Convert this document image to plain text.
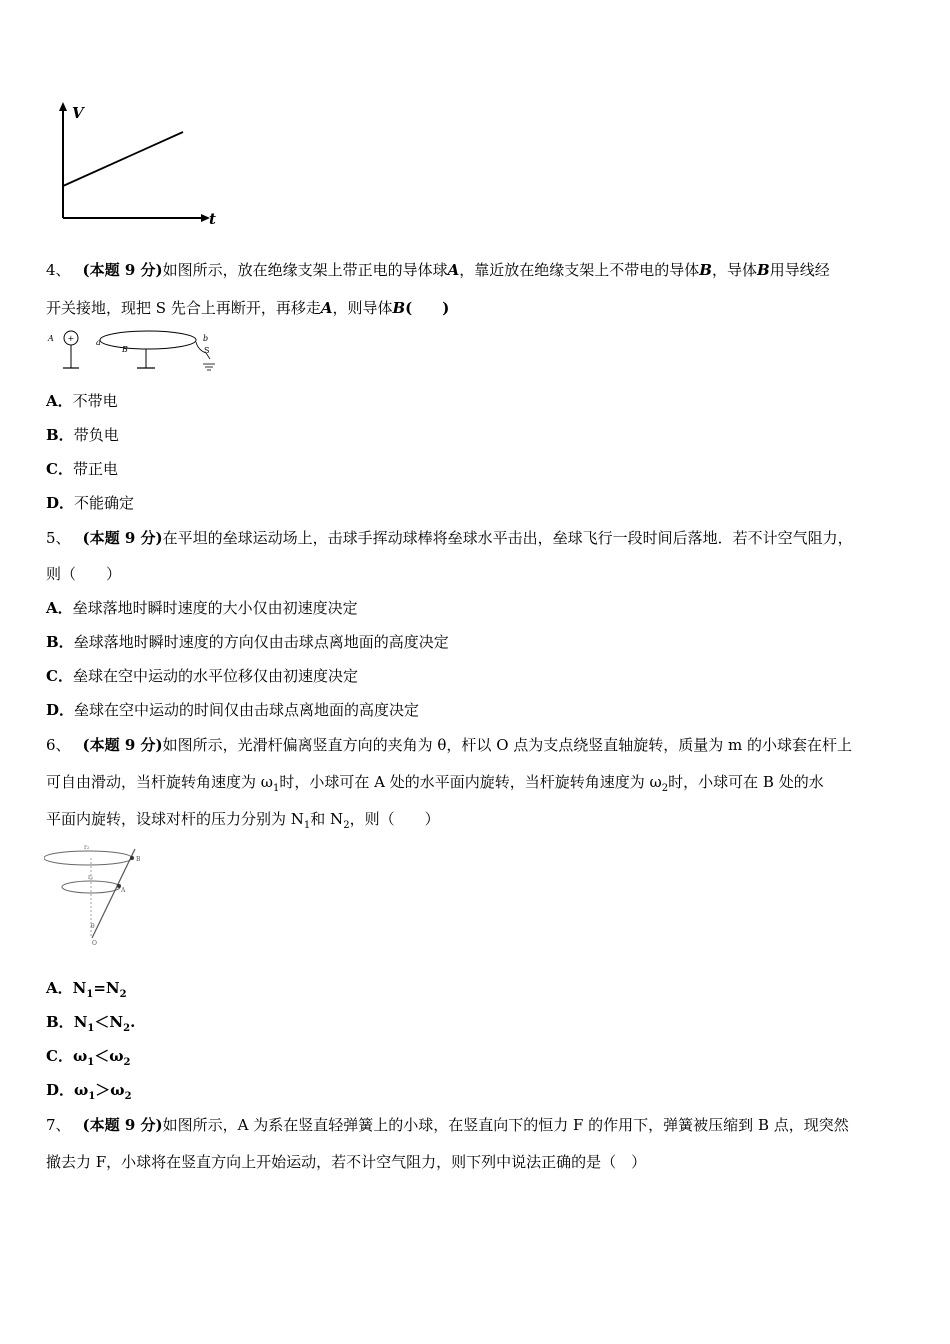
V
t
4、 (本题 9 分)如图所示，放在绝缘支架上带正电的导体球A，靠近放在绝缘支架上不带电的导体B，导体B用导线经
开关接地，现把 S 先合上再断开，再移走A，则导体B(　　)
A +	a
B
b
S
A．不带电
B．带负电
C．带正电
D．不能确定
5、 (本题 9 分)在平坦的垒球运动场上，击球手挥动球棒将垒球水平击出，垒球飞行一段时间后落地．若不计空气阻力，
则（　　）
A．垒球落地时瞬时速度的大小仅由初速度决定
B．垒球落地时瞬时速度的方向仅由击球点离地面的高度决定
C．垒球在空中运动的水平位移仅由初速度决定
D．垒球在空中运动的时间仅由击球点离地面的高度决定
6、 (本题 9 分)如图所示，光滑杆偏离竖直方向的夹角为 θ，杆以 O 点为支点绕竖直轴旋转，质量为 m 的小球套在杆上
可自由滑动，当杆旋转角速度为 $\omega_1$时，小球可在 A 处的水平面内旋转，当杆旋转角速度为 $\omega_2$时，小球可在 B 处的水
平面内旋转，设球对杆的压力分别为 $N_1$和 $N_2$，则（　　）
r₂
r₁
B
A
θ
O
A．$N_1=N_2$
B．$N_1<N_2$.
C．$\omega_1<\omega_2$
D．$\omega_1>\omega_2$
7、 (本题 9 分)如图所示，A 为系在竖直轻弹簧上的小球，在竖直向下的恒力 F 的作用下，弹簧被压缩到 B 点，现突然
撤去力 F，小球将在竖直方向上开始运动，若不计空气阻力，则下列中说法正确的是（　）
